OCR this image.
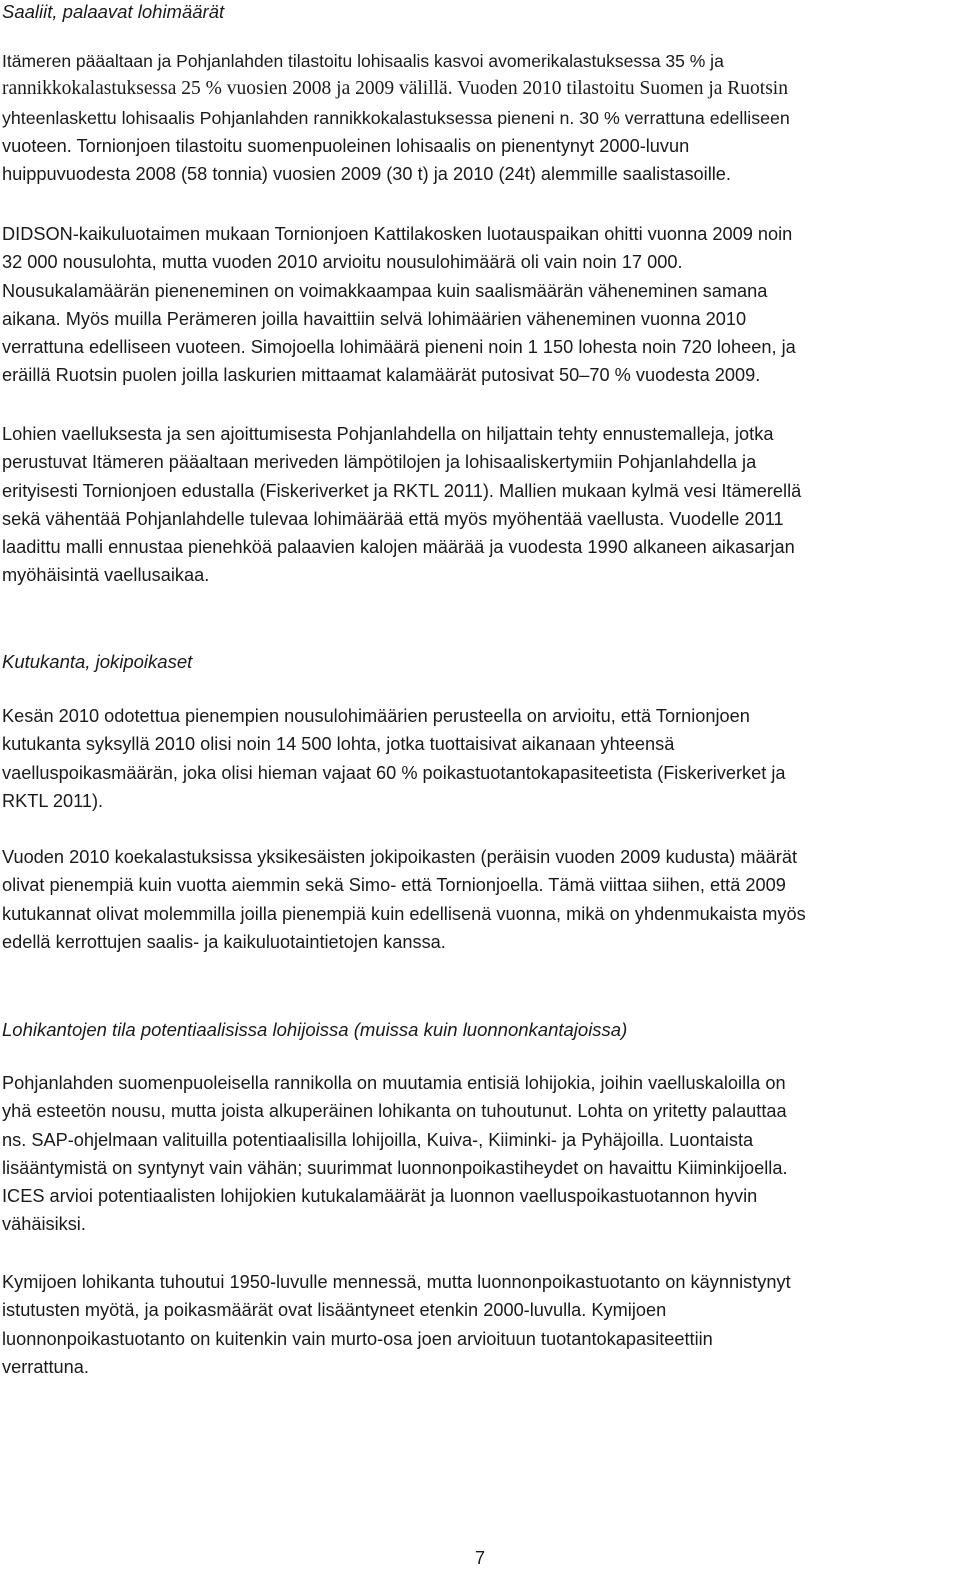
Saaliit, palaavat lohimäärät
Itämeren pääaltaan ja Pohjanlahden tilastoitu lohisaalis kasvoi avomerikalastuksessa 35 % ja
rannikkokalastuksessa 25 % vuosien 2008 ja 2009 välillä. Vuoden 2010 tilastoitu Suomen ja Ruotsin
yhteenlaskettu lohisaalis Pohjanlahden rannikkokalastuksessa pieneni n. 30 % verrattuna edelliseen
vuoteen. Tornionjoen tilastoitu suomenpuoleinen lohisaalis on pienentynyt 2000-luvun
huippuvuodesta 2008 (58 tonnia) vuosien 2009 (30 t) ja 2010 (24t) alemmille saalistasoille.
DIDSON-kaikuluotaimen mukaan Tornionjoen Kattilakosken luotauspaikan ohitti vuonna 2009 noin
32 000 nousulohta, mutta vuoden 2010 arvioitu nousulohimäärä oli vain noin 17 000.
Nousukalamäärän pieneneminen on voimakkaampaa kuin saalismäärän väheneminen samana
aikana. Myös muilla Perämeren joilla havaittiin selvä lohimäärien väheneminen vuonna 2010
verrattuna edelliseen vuoteen. Simojoella lohimäärä pieneni noin 1 150 lohesta noin 720 loheen, ja
eräillä Ruotsin puolen joilla laskurien mittaamat kalamäärät putosivat 50–70 % vuodesta 2009.
Lohien vaelluksesta ja sen ajoittumisesta Pohjanlahdella on hiljattain tehty ennustemalleja, jotka
perustuvat Itämeren pääaltaan meriveden lämpötilojen ja lohisaaliskertymiin Pohjanlahdella ja
erityisesti Tornionjoen edustalla (Fiskeriverket ja RKTL 2011). Mallien mukaan kylmä vesi Itämerellä
sekä vähentää Pohjanlahdelle tulevaa lohimäärää että myös myöhentää vaellusta. Vuodelle 2011
laadittu malli ennustaa pienehköä palaavien kalojen määrää ja vuodesta 1990 alkaneen aikasarjan
myöhäisintä vaellusaikaa.
Kutukanta, jokipoikaset
Kesän 2010 odotettua pienempien nousulohimäärien perusteella on arvioitu, että Tornionjoen
kutukanta syksyllä 2010 olisi noin 14 500 lohta, jotka tuottaisivat aikanaan yhteensä
vaelluspoikasmäärän, joka olisi hieman vajaat 60 % poikastuotantokapasiteetista (Fiskeriverket ja
RKTL 2011).
Vuoden 2010 koekalastuksissa yksikesäisten jokipoikasten (peräisin vuoden 2009 kudusta) määrät
olivat pienempiä kuin vuotta aiemmin sekä Simo- että Tornionjoella. Tämä viittaa siihen, että 2009
kutukannat olivat molemmilla joilla pienempiä kuin edellisenä vuonna, mikä on yhdenmukaista myös
edellä kerrottujen saalis- ja kaikuluotaintietojen kanssa.
Lohikantojen tila potentiaalisissa lohijoissa (muissa kuin luonnonkantajoissa)
Pohjanlahden suomenpuoleisella rannikolla on muutamia entisiä lohijokia, joihin vaelluskaloilla on
yhä esteetön nousu, mutta joista alkuperäinen lohikanta on tuhoutunut. Lohta on yritetty palauttaa
ns. SAP-ohjelmaan valituilla potentiaalisilla lohijoilla, Kuiva-, Kiiminki- ja Pyhäjoilla. Luontaista
lisääntymistä on syntynyt vain vähän; suurimmat luonnonpoikastiheydet on havaittu Kiiminkijoella.
ICES arvioi potentiaalisten lohijokien kutukalamäärät ja luonnon vaelluspoikastuotannon hyvin
vähäisiksi.
Kymijoen lohikanta tuhoutui 1950-luvulle mennessä, mutta luonnonpoikastuotanto on käynnistynyt
istutusten myötä, ja poikasmäärät ovat lisääntyneet etenkin 2000-luvulla. Kymijoen
luonnonpoikastuotanto on kuitenkin vain murto-osa joen arvioituun tuotantokapasiteettiin
verrattuna.
7
